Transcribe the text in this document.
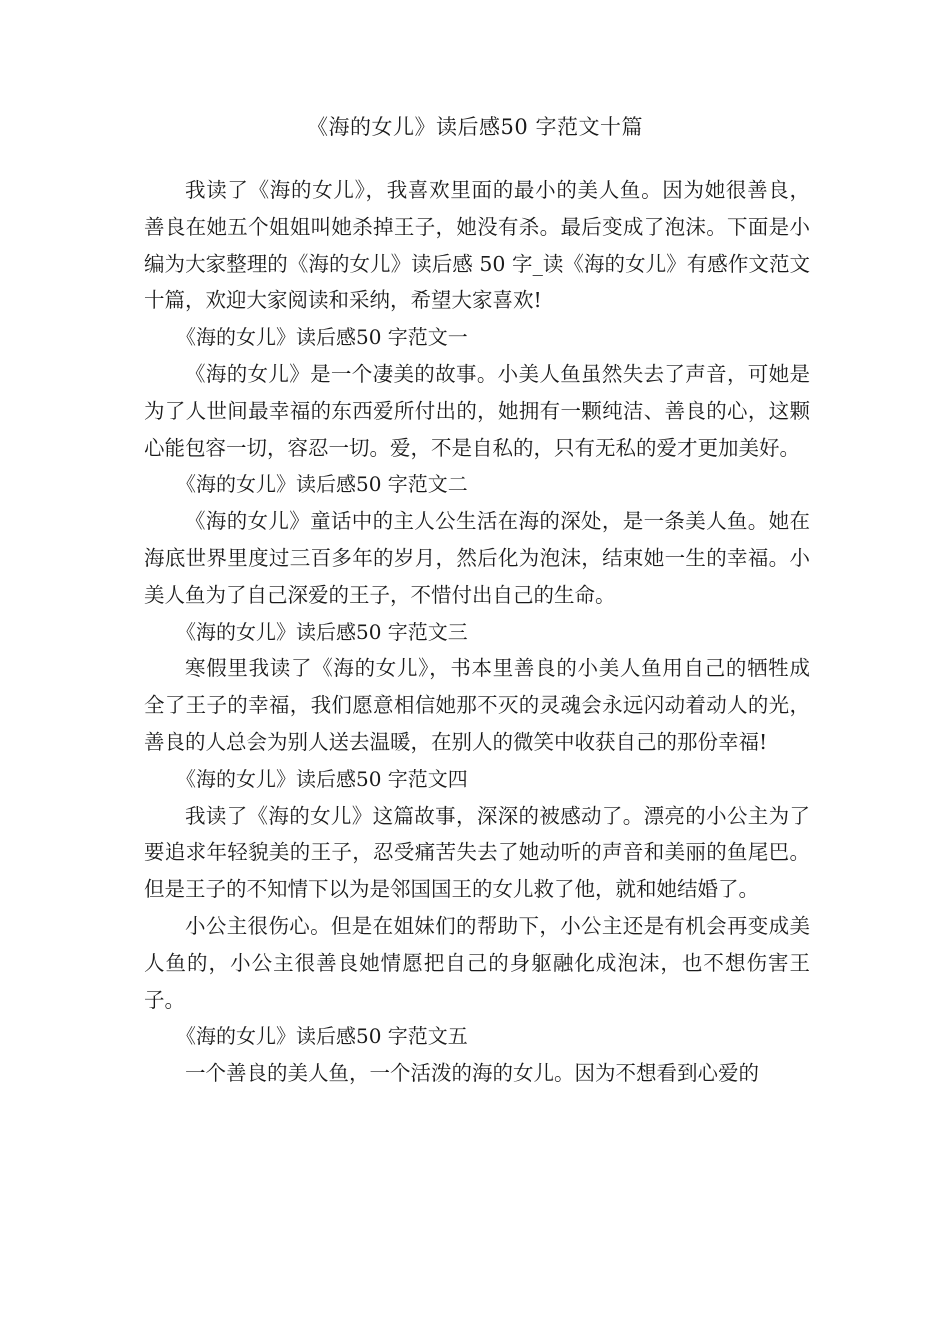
《海的女儿》读后感50 字范文十篇

我读了《海的女儿》，我喜欢里面的最小的美人鱼。因为她很善良，善良在她五个姐姐叫她杀掉王子，她没有杀。最后变成了泡沫。下面是小编为大家整理的《海的女儿》读后感 50 字_读《海的女儿》有感作文范文十篇，欢迎大家阅读和采纳，希望大家喜欢!

《海的女儿》读后感50 字范文一

《海的女儿》是一个凄美的故事。小美人鱼虽然失去了声音，可她是为了人世间最幸福的东西爱所付出的，她拥有一颗纯洁、善良的心，这颗心能包容一切，容忍一切。爱，不是自私的，只有无私的爱才更加美好。

《海的女儿》读后感50 字范文二

《海的女儿》童话中的主人公生活在海的深处，是一条美人鱼。她在海底世界里度过三百多年的岁月，然后化为泡沫，结束她一生的幸福。小美人鱼为了自己深爱的王子，不惜付出自己的生命。

《海的女儿》读后感50 字范文三

寒假里我读了《海的女儿》，书本里善良的小美人鱼用自己的牺牲成全了王子的幸福，我们愿意相信她那不灭的灵魂会永远闪动着动人的光，善良的人总会为别人送去温暖，在别人的微笑中收获自己的那份幸福!

《海的女儿》读后感50 字范文四

我读了《海的女儿》这篇故事，深深的被感动了。漂亮的小公主为了要追求年轻貌美的王子，忍受痛苦失去了她动听的声音和美丽的鱼尾巴。但是王子的不知情下以为是邻国国王的女儿救了他，就和她结婚了。

小公主很伤心。但是在姐妹们的帮助下，小公主还是有机会再变成美人鱼的，小公主很善良她情愿把自己的身躯融化成泡沫，也不想伤害王子。

《海的女儿》读后感50 字范文五

一个善良的美人鱼，一个活泼的海的女儿。因为不想看到心爱的
